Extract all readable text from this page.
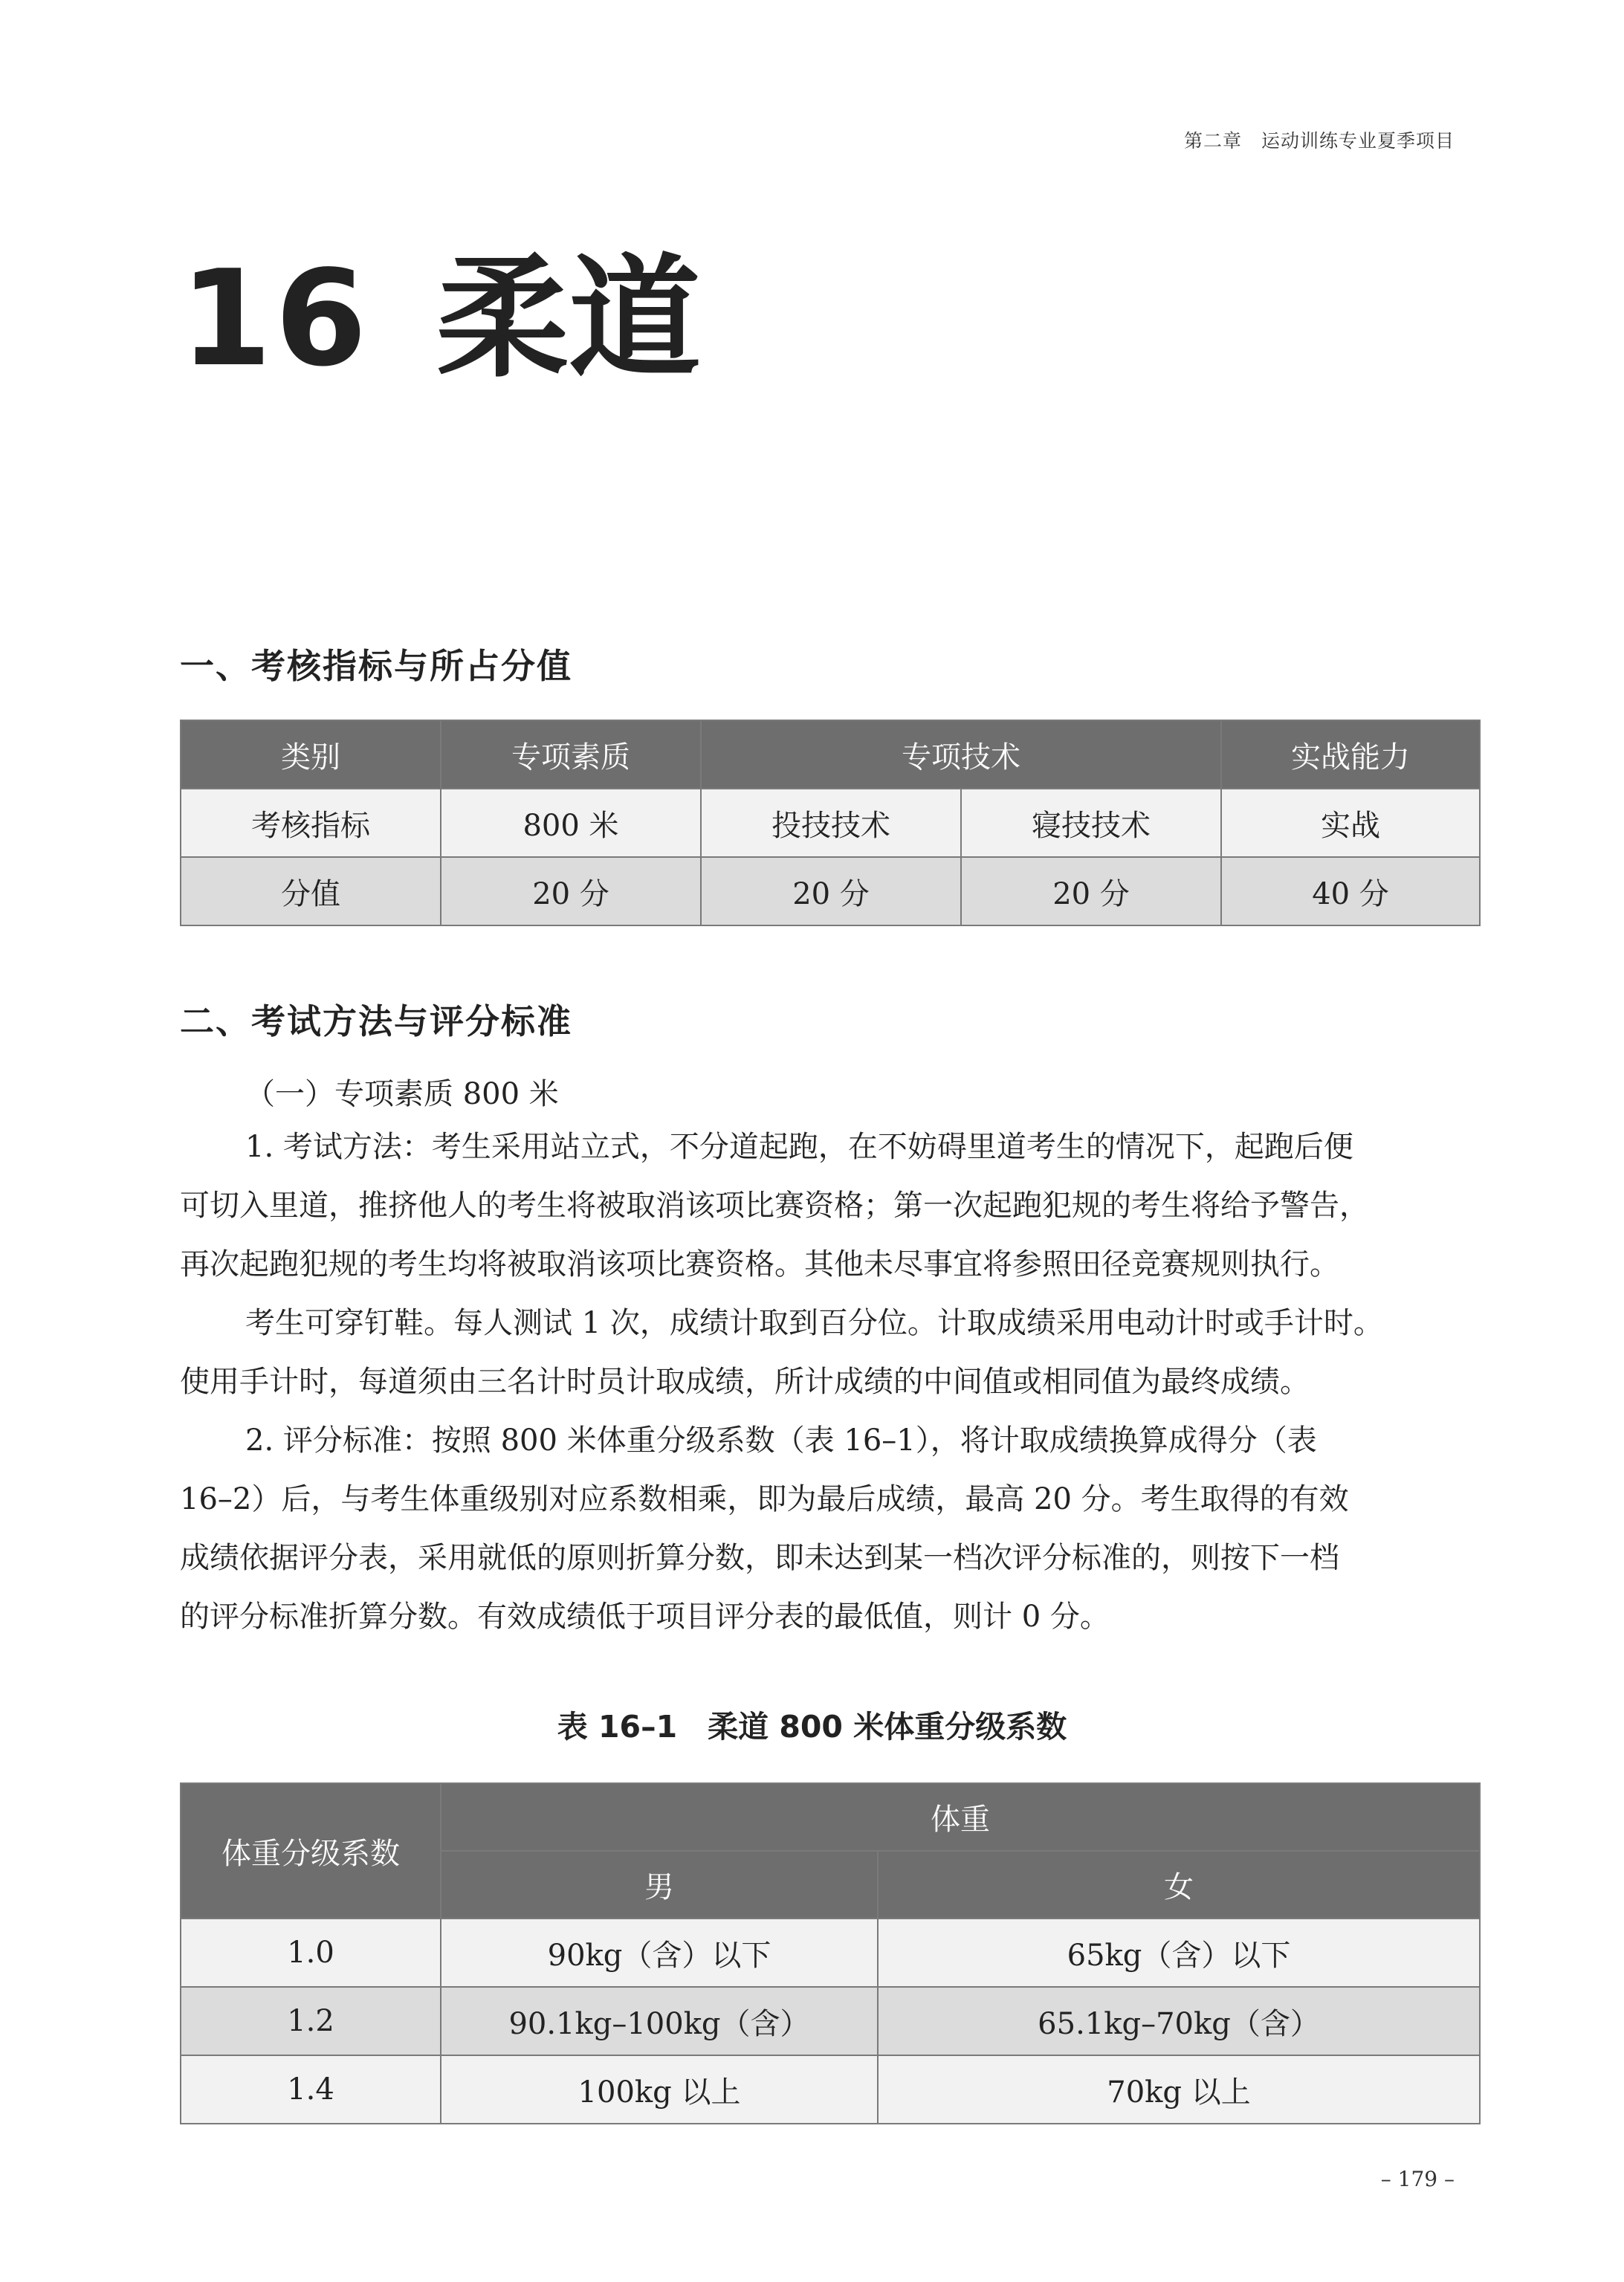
第二章　运动训练专业夏季项目
16 柔道
一、考核指标与所占分值
类别	专项素质	专项技术		实战能力
考核指标	800 米	投技技术	寝技技术	实战
分值	20 分	20 分	20 分	40 分
二、考试方法与评分标准
（一）专项素质 800 米
1. 考试方法：考生采用站立式，不分道起跑，在不妨碍里道考生的情况下，起跑后便
可切入里道，推挤他人的考生将被取消该项比赛资格；第一次起跑犯规的考生将给予警告，
再次起跑犯规的考生均将被取消该项比赛资格。其他未尽事宜将参照田径竞赛规则执行。
考生可穿钉鞋。每人测试 1 次，成绩计取到百分位。计取成绩采用电动计时或手计时。
使用手计时，每道须由三名计时员计取成绩，所计成绩的中间值或相同值为最终成绩。
2. 评分标准：按照 800 米体重分级系数（表 16–1），将计取成绩换算成得分（表
16–2）后，与考生体重级别对应系数相乘，即为最后成绩，最高 20 分。考生取得的有效
成绩依据评分表，采用就低的原则折算分数，即未达到某一档次评分标准的，则按下一档
的评分标准折算分数。有效成绩低于项目评分表的最低值，则计 0 分。
表 16–1　柔道 800 米体重分级系数
体重分级系数	体重	
	男	女
1.0	90kg（含）以下	65kg（含）以下
1.2	90.1kg–100kg（含）	65.1kg–70kg（含）
1.4	100kg 以上	70kg 以上
– 179 –
